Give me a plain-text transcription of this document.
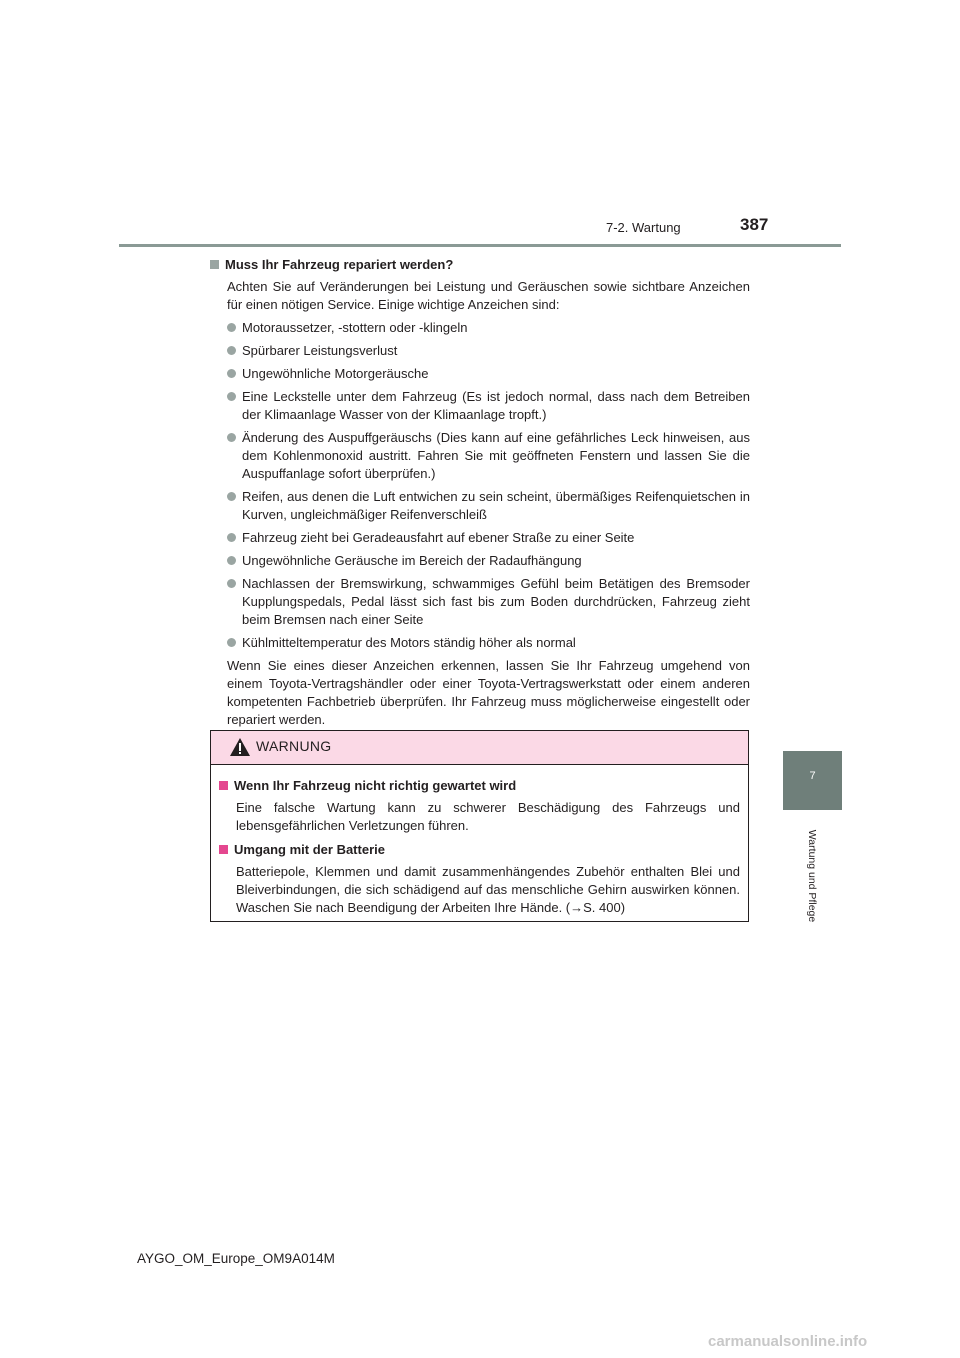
7-2. Wartung	387
7
Wartung und Pflege
Muss Ihr Fahrzeug repariert werden?
Achten Sie auf Veränderungen bei Leistung und Geräuschen sowie sichtbare Anzeichen für einen nötigen Service. Einige wichtige Anzeichen sind:
Motoraussetzer, -stottern oder -klingeln
Spürbarer Leistungsverlust
Ungewöhnliche Motorgeräusche
Eine Leckstelle unter dem Fahrzeug (Es ist jedoch normal, dass nach dem Betreiben der Klimaanlage Wasser von der Klimaanlage tropft.)
Änderung des Auspuffgeräuschs (Dies kann auf eine gefährliches Leck hinweisen, aus dem Kohlenmonoxid austritt. Fahren Sie mit geöffneten Fenstern und lassen Sie die Auspuffanlage sofort überprüfen.)
Reifen, aus denen die Luft entwichen zu sein scheint, übermäßiges Reifenquietschen in Kurven, ungleichmäßiger Reifenverschleiß
Fahrzeug zieht bei Geradeausfahrt auf ebener Straße zu einer Seite
Ungewöhnliche Geräusche im Bereich der Radaufhängung
Nachlassen der Bremswirkung, schwammiges Gefühl beim Betätigen des Bremsoder Kupplungspedals, Pedal lässt sich fast bis zum Boden durchdrücken, Fahrzeug zieht beim Bremsen nach einer Seite
Kühlmitteltemperatur des Motors ständig höher als normal
Wenn Sie eines dieser Anzeichen erkennen, lassen Sie Ihr Fahrzeug umgehend von einem Toyota-Vertragshändler oder einer Toyota-Vertragswerkstatt oder einem anderen kompetenten Fachbetrieb überprüfen. Ihr Fahrzeug muss möglicherweise eingestellt oder repariert werden.
WARNUNG
Wenn Ihr Fahrzeug nicht richtig gewartet wird
Eine falsche Wartung kann zu schwerer Beschädigung des Fahrzeugs und lebensgefährlichen Verletzungen führen.
Umgang mit der Batterie
Batteriepole, Klemmen und damit zusammenhängendes Zubehör enthalten Blei und Bleiverbindungen, die sich schädigend auf das menschliche Gehirn auswirken können. Waschen Sie nach Beendigung der Arbeiten Ihre Hände. (→S. 400)
AYGO_OM_Europe_OM9A014M
carmanualsonline.info
